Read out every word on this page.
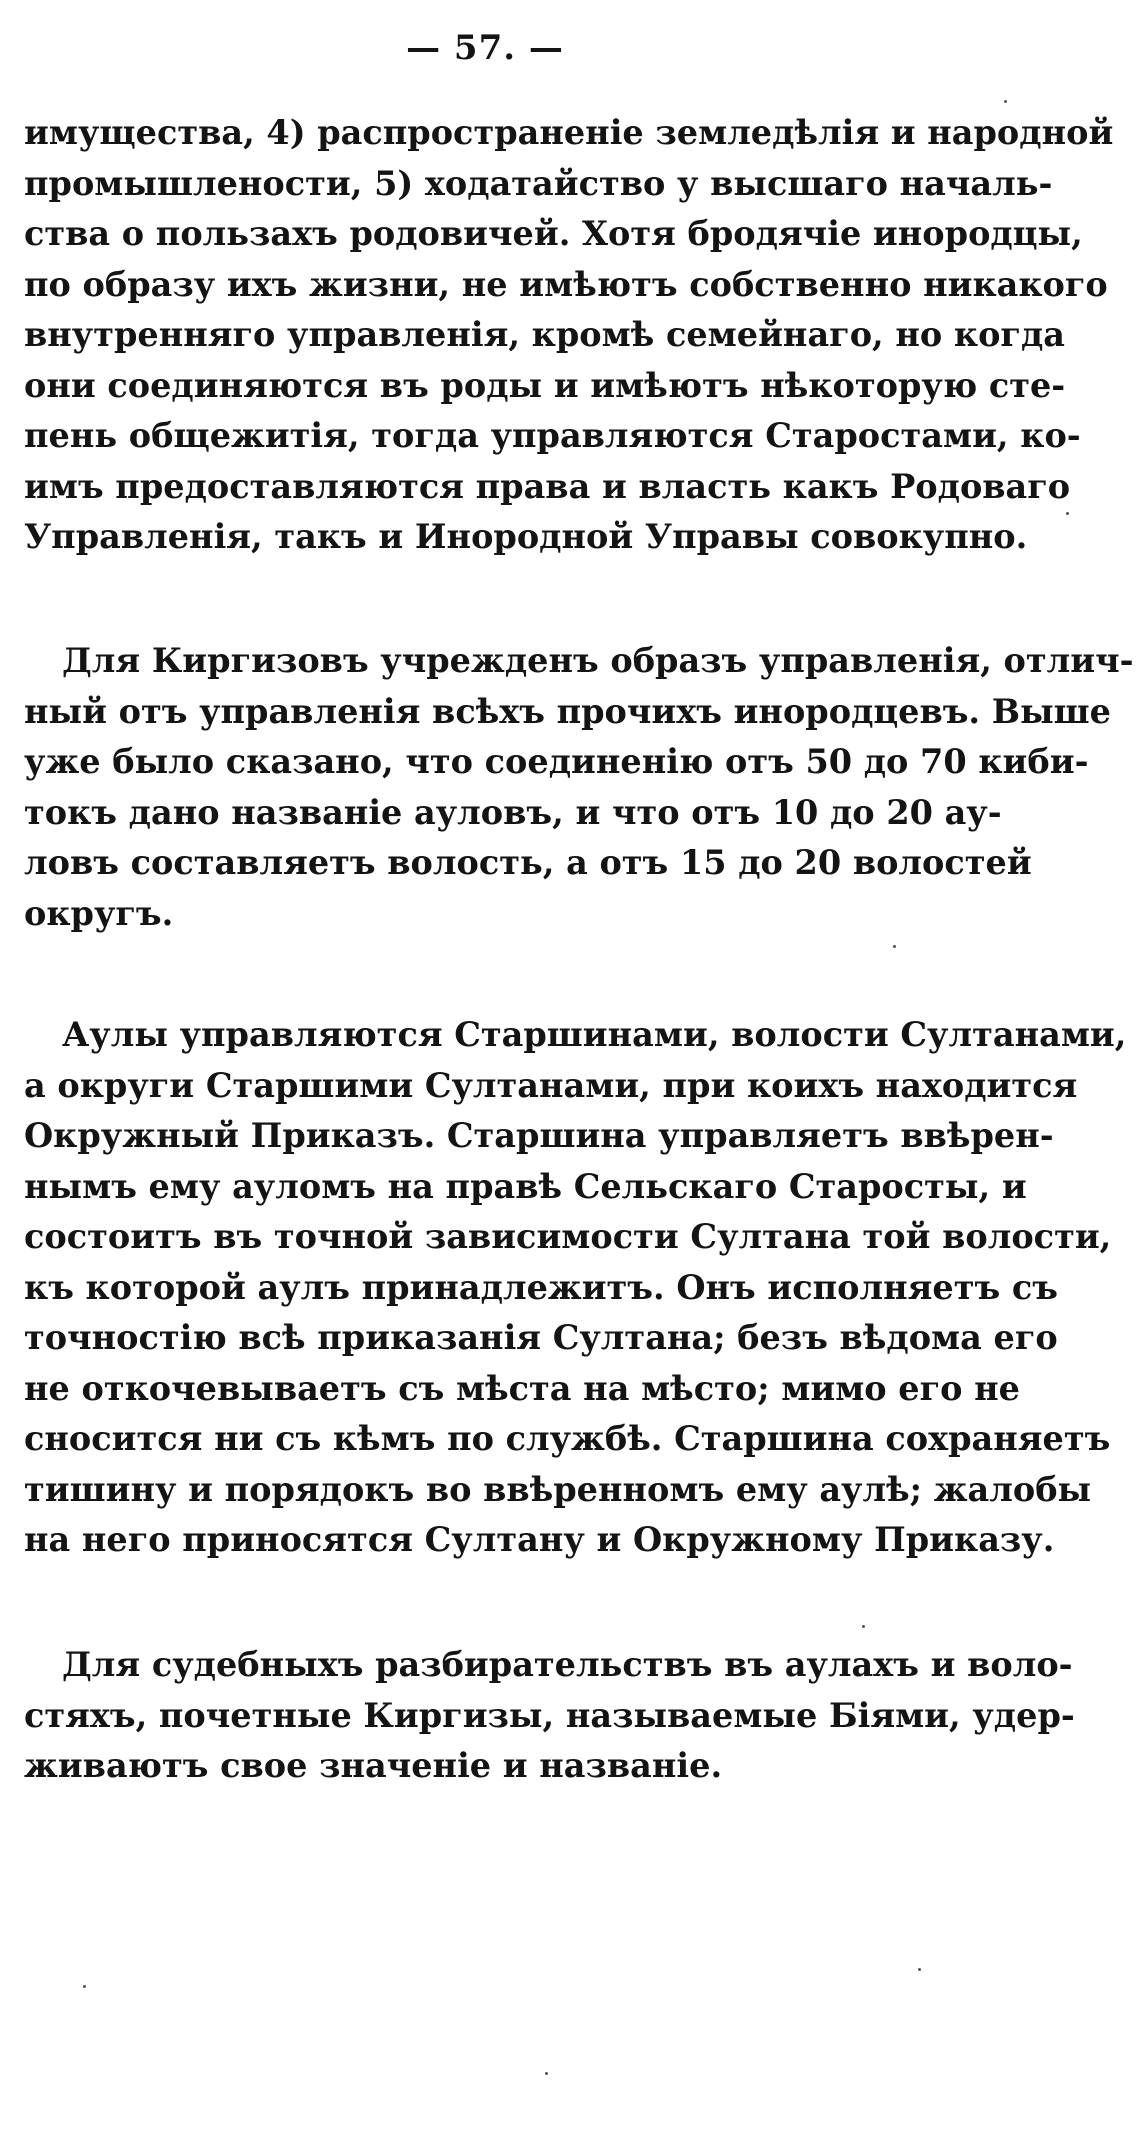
— 57. —
имущества, 4) распространеніе земледѣлія и народной
промышлености, 5) ходатайство у высшаго началь-
ства о пользахъ родовичей. Хотя бродячіе инородцы,
по образу ихъ жизни, не имѣютъ собственно никакого
внутренняго управленія, кромѣ семейнаго, но когда
они соединяются въ роды и имѣютъ нѣкоторую сте-
пень общежитія, тогда управляются Старостами, ко-
имъ предоставляются права и власть какъ Родоваго
Управленія, такъ и Инородной Управы совокупно.
Для Киргизовъ учрежденъ образъ управленія, отлич-
ный отъ управленія всѣхъ прочихъ инородцевъ. Выше
уже было сказано, что соединенію отъ 50 до 70 киби-
токъ дано названіе ауловъ, и что отъ 10 до 20 ау-
ловъ составляетъ волость, а отъ 15 до 20 волостей
округъ.
Аулы управляются Старшинами, волости Султанами,
а округи Старшими Султанами, при коихъ находится
Окружный Приказъ. Старшина управляетъ ввѣрен-
нымъ ему ауломъ на правѣ Сельскаго Старосты, и
состоитъ въ точной зависимости Султана той волости,
къ которой аулъ принадлежитъ. Онъ исполняетъ съ
точностію всѣ приказанія Султана; безъ вѣдома его
не откочевываетъ съ мѣста на мѣсто; мимо его не
сносится ни съ кѣмъ по службѣ. Старшина сохраняетъ
тишину и порядокъ во ввѣренномъ ему аулѣ; жалобы
на него приносятся Султану и Окружному Приказу.
Для судебныхъ разбирательствъ въ аулахъ и воло-
стяхъ, почетные Киргизы, называемые Біями, удер-
живаютъ свое значеніе и названіе.
